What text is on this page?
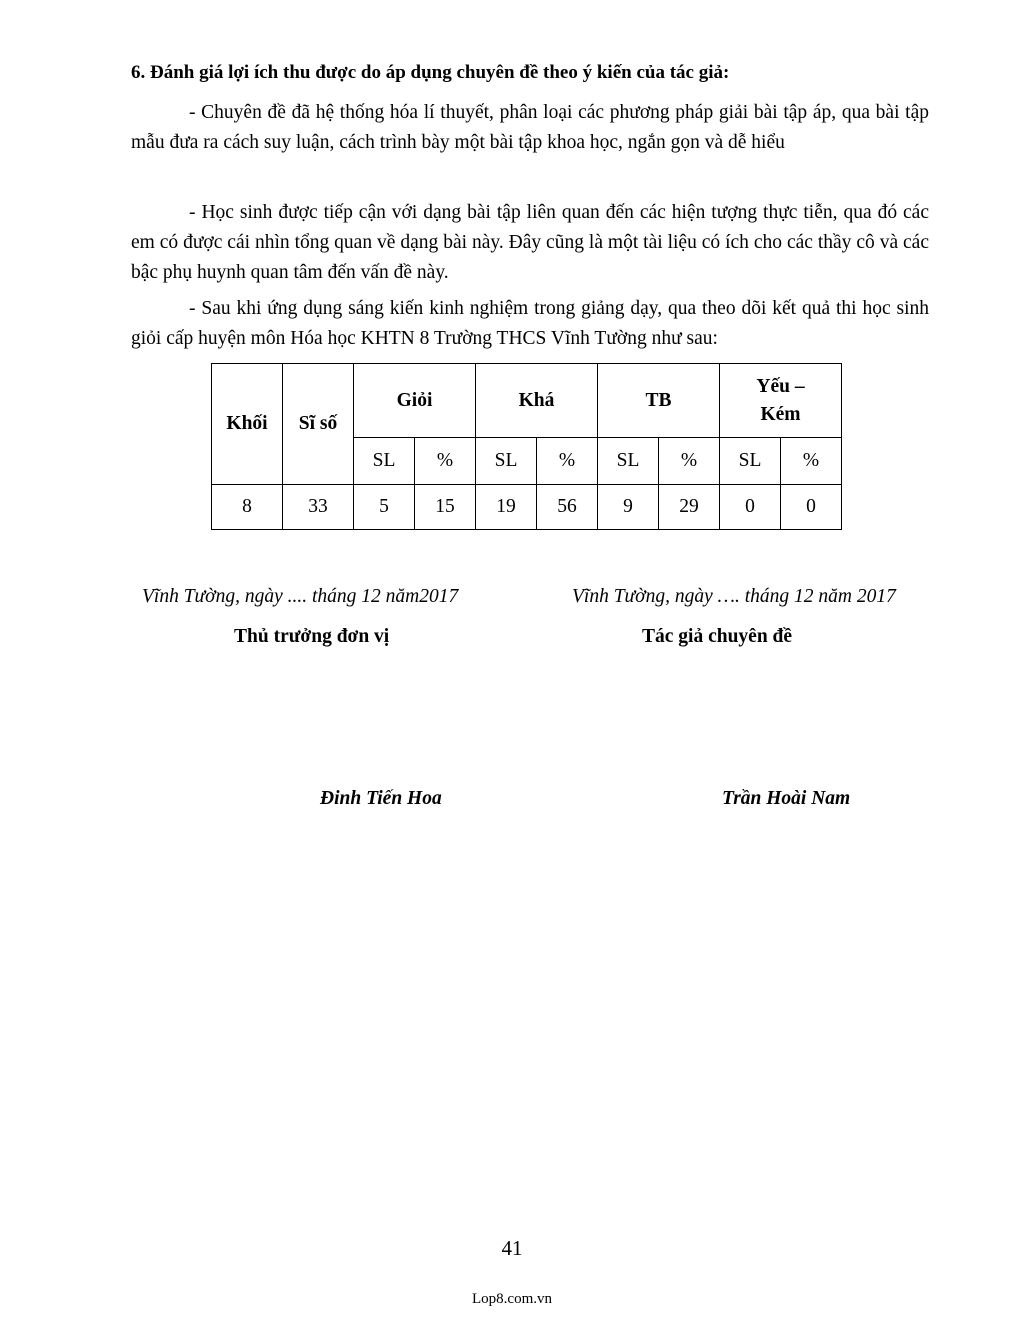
6. Đánh giá lợi ích thu được do áp dụng chuyên đề theo ý kiến của tác giả:

- Chuyên đề đã hệ thống hóa lí thuyết, phân loại các phương pháp giải bài tập áp, qua bài tập mẫu đưa ra cách suy luận, cách trình bày một bài tập khoa học, ngắn gọn và dễ hiểu

- Học sinh được tiếp cận với dạng bài tập liên quan đến các hiện tượng thực tiễn, qua đó các em có được cái nhìn tổng quan về dạng bài này. Đây cũng là một tài liệu có ích cho các thầy cô và các bậc phụ huynh quan tâm đến vấn đề này.

- Sau khi ứng dụng sáng kiến kinh nghiệm trong giảng dạy, qua theo dõi kết quả thi học sinh giỏi cấp huyện môn Hóa học KHTN 8 Trường THCS Vĩnh Tường như sau:

Khối	Sĩ số	Giỏi		Khá		TB		Yếu – Kém	
		SL	%	SL	%	SL	%	SL	%
8	33	5	15	19	56	9	29	0	0

Vĩnh Tường, ngày .... tháng 12 năm2017	Vĩnh Tường, ngày …. tháng 12 năm 2017

Thủ trưởng đơn vị	Tác giả chuyên đề

Đinh Tiến Hoa	Trần Hoài Nam

41

Lop8.com.vn
